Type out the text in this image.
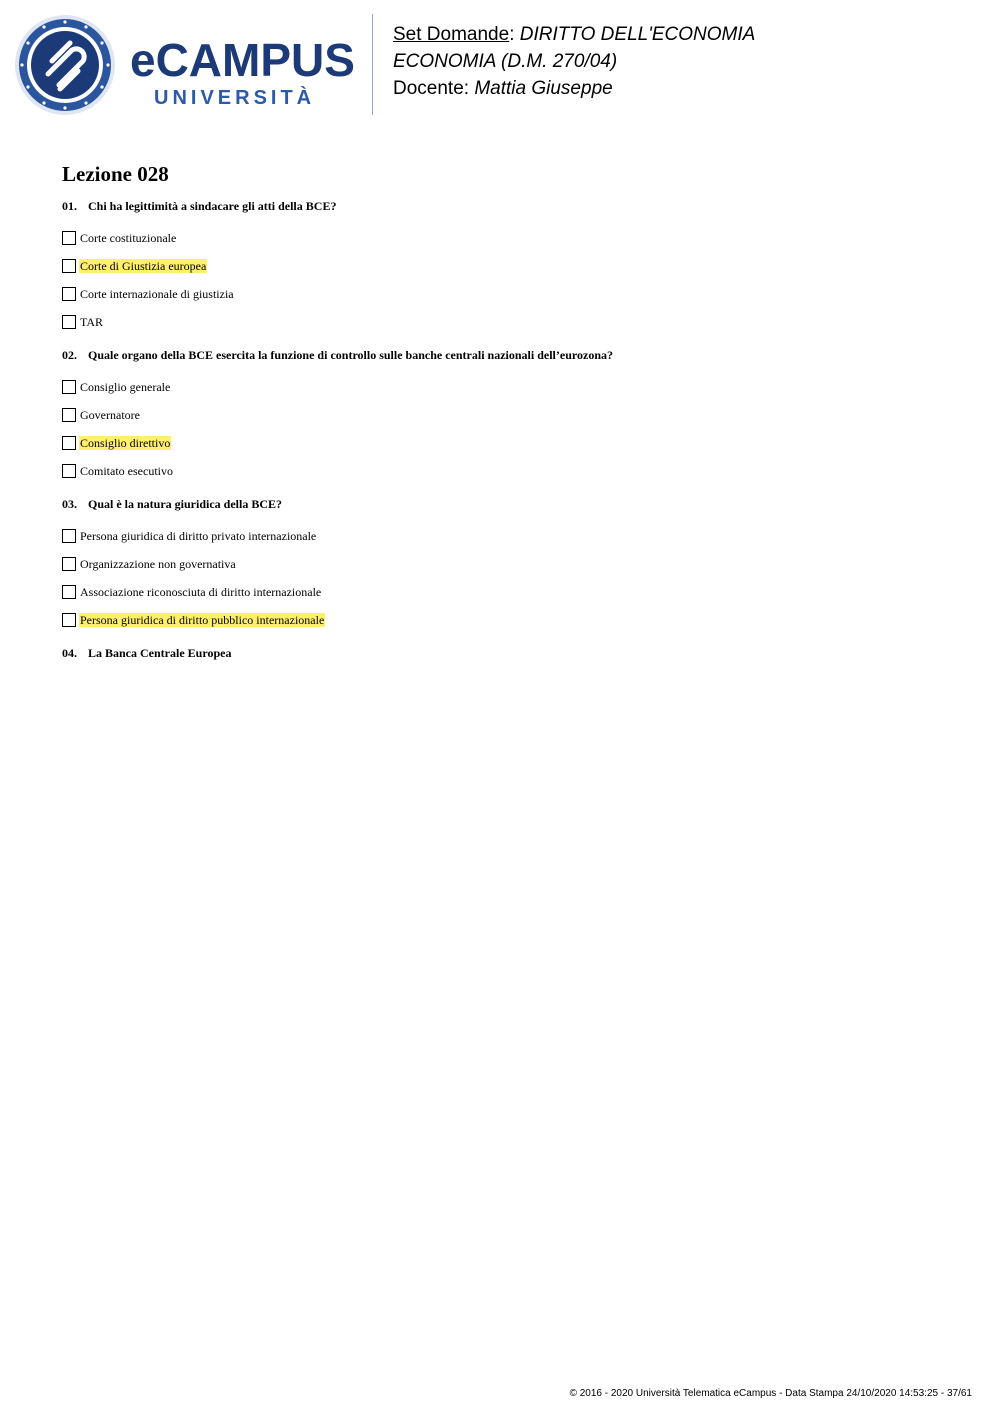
eCAMPUS
UNIVERSITÀ
Set Domande: DIRITTO DELL'ECONOMIA
ECONOMIA (D.M. 270/04)
Docente: Mattia Giuseppe
Lezione 028
01. Chi ha legittimità a sindacare gli atti della BCE?
Corte costituzionale
Corte di Giustizia europea
Corte internazionale di giustizia
TAR
02. Quale organo della BCE esercita la funzione di controllo sulle banche centrali nazionali dell’eurozona?
Consiglio generale
Governatore
Consiglio direttivo
Comitato esecutivo
03. Qual è la natura giuridica della BCE?
Persona giuridica di diritto privato internazionale
Organizzazione non governativa
Associazione riconosciuta di diritto internazionale
Persona giuridica di diritto pubblico internazionale
04. La Banca Centrale Europea
© 2016 - 2020 Università Telematica eCampus - Data Stampa 24/10/2020 14:53:25 - 37/61
